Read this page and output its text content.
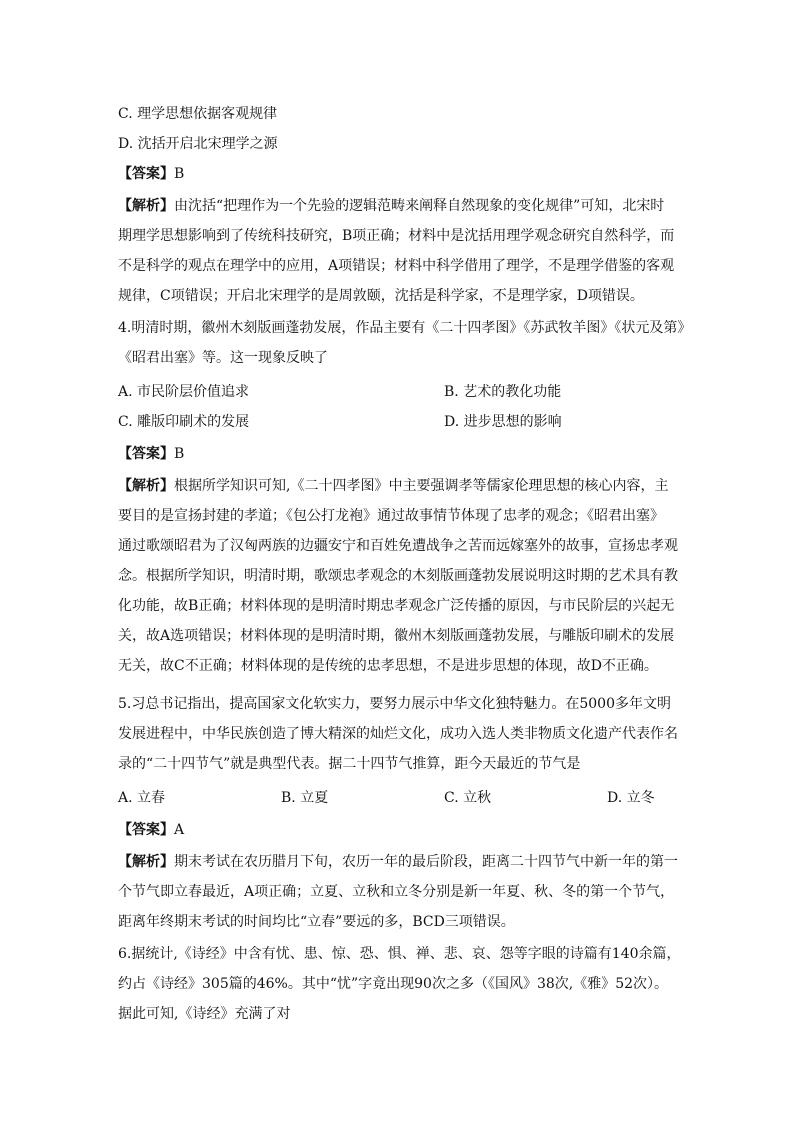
C. 理学思想依据客观规律
D. 沈括开启北宋理学之源
【答案】B
【解析】由沈括“把理作为一个先验的逻辑范畴来阐释自然现象的变化规律”可知，北宋时
期理学思想影响到了传统科技研究，B项正确；材料中是沈括用理学观念研究自然科学，而
不是科学的观点在理学中的应用，A项错误；材料中科学借用了理学，不是理学借鉴的客观
规律，C项错误；开启北宋理学的是周敦颐，沈括是科学家，不是理学家，D项错误。
4.明清时期，徽州木刻版画蓬勃发展，作品主要有《二十四孝图》《苏武牧羊图》《状元及第》
《昭君出塞》等。这一现象反映了
A. 市民阶层价值追求	B. 艺术的教化功能
C. 雕版印刷术的发展	D. 进步思想的影响
【答案】B
【解析】根据所学知识可知,《二十四孝图》中主要强调孝等儒家伦理思想的核心内容，主
要目的是宣扬封建的孝道；《包公打龙袍》通过故事情节体现了忠孝的观念；《昭君出塞》
通过歌颂昭君为了汉匈两族的边疆安宁和百姓免遭战争之苦而远嫁塞外的故事，宣扬忠孝观
念。根据所学知识，明清时期，歌颂忠孝观念的木刻版画蓬勃发展说明这时期的艺术具有教
化功能，故B正确；材料体现的是明清时期忠孝观念广泛传播的原因，与市民阶层的兴起无
关，故A选项错误；材料体现的是明清时期，徽州木刻版画蓬勃发展，与雕版印刷术的发展
无关，故C不正确；材料体现的是传统的忠孝思想，不是进步思想的体现，故D不正确。
5.习总书记指出，提高国家文化软实力，要努力展示中华文化独特魅力。在5000多年文明
发展进程中，中华民族创造了博大精深的灿烂文化，成功入选人类非物质文化遗产代表作名
录的“二十四节气”就是典型代表。据二十四节气推算，距今天最近的节气是
A. 立春	B. 立夏	C. 立秋	D. 立冬
【答案】A
【解析】期末考试在农历腊月下旬，农历一年的最后阶段，距离二十四节气中新一年的第一
个节气即立春最近，A项正确；立夏、立秋和立冬分别是新一年夏、秋、冬的第一个节气，
距离年终期末考试的时间均比“立春”要远的多，BCD三项错误。
6.据统计,《诗经》中含有忧、患、惊、恐、惧、禅、悲、哀、怨等字眼的诗篇有140余篇，
约占《诗经》305篇的46%。其中“忧”字竟出现90次之多（《国风》38次,《雅》52次）。
据此可知,《诗经》充满了对
